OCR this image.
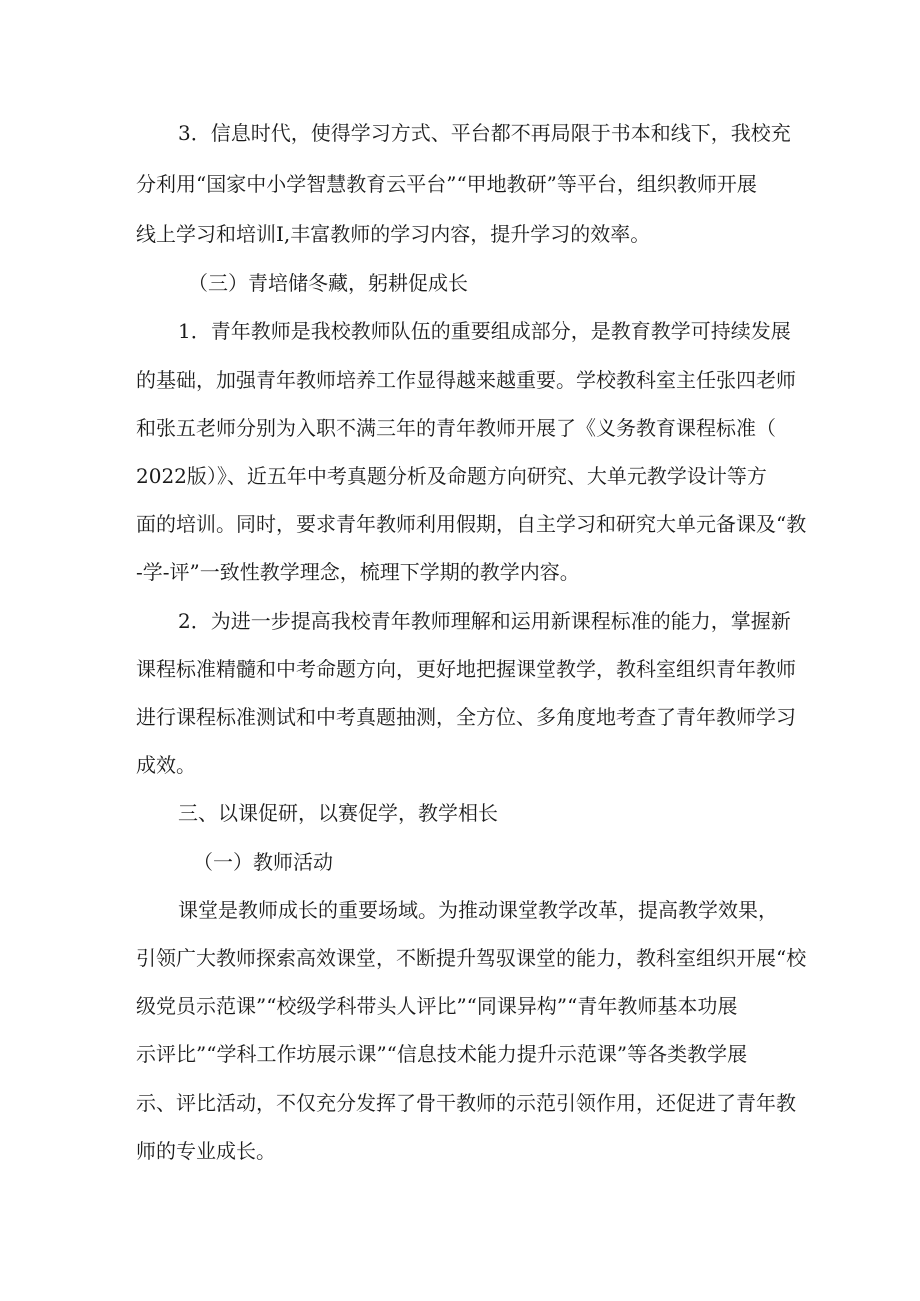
3．信息时代，使得学习方式、平台都不再局限于书本和线下，我校充
分利用“国家中小学智慧教育云平台”“甲地教研”等平台，组织教师开展
线上学习和培训I,丰富教师的学习内容，提升学习的效率。
（三）青培储冬藏，躬耕促成长
1．青年教师是我校教师队伍的重要组成部分，是教育教学可持续发展
的基础，加强青年教师培养工作显得越来越重要。学校教科室主任张四老师
和张五老师分别为入职不满三年的青年教师开展了《义务教育课程标准（
2022版）》、近五年中考真题分析及命题方向研究、大单元教学设计等方
面的培训。同时，要求青年教师利用假期，自主学习和研究大单元备课及“教
-学-评”一致性教学理念，梳理下学期的教学内容。
2．为进一步提高我校青年教师理解和运用新课程标准的能力，掌握新
课程标准精髓和中考命题方向，更好地把握课堂教学，教科室组织青年教师
进行课程标准测试和中考真题抽测，全方位、多角度地考查了青年教师学习
成效。
三、以课促研，以赛促学，教学相长
（一）教师活动
课堂是教师成长的重要场域。为推动课堂教学改革，提高教学效果，
引领广大教师探索高效课堂，不断提升驾驭课堂的能力，教科室组织开展“校
级党员示范课”“校级学科带头人评比”“同课异构”“青年教师基本功展
示评比”“学科工作坊展示课”“信息技术能力提升示范课”等各类教学展
示、评比活动，不仅充分发挥了骨干教师的示范引领作用，还促进了青年教
师的专业成长。
